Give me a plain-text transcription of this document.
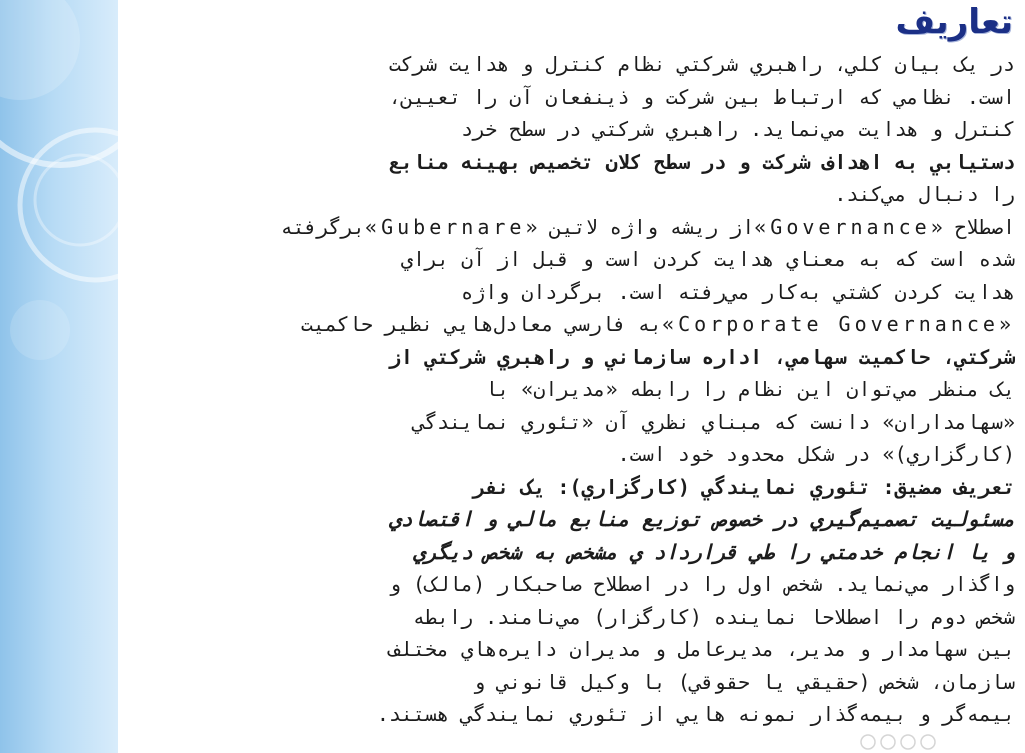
تعاريف
در يک بيان کلي، راهبري شرکتي نظام کنترل و هدايت شرکت
است. نظامي که ارتباط بين شرکت و ذينفعان آن را تعيين،
کنترل و هدايت مي‌نمايد. راهبري شرکتي در سطح خرد
دستيابي به اهداف شرکت و در سطح کلان تخصيص بهينه منابع
را دنبال مي‌کند.
اصطلاح «Governance»از ريشه واژه لاتين «Gubernare»برگرفته
شده است که به معناي هدايت کردن است و قبل از آن براي
هدايت کردن کشتي به‌کار مي‌رفته است. برگردان واژه
«Corporate Governance»به فارسي معادل‌هايي نظير حاکميت
شرکتي، حاکميت سهامي، اداره سازماني و راهبري شرکتي از
يک منظر مي‌توان اين نظام را رابطه «مديران» با
«سهامداران» دانست که مبناي نظري آن «تئوري نمايندگي
(کارگزاري)» در شکل محدود خود است.
تعريف مضيق: تئوري نمايندگي (کارگزاري): يک نفر
مسئوليت تصميم‌گيري در خصوص توزيع منابع مالي و اقتصادي
و يا انجام خدمتي را طي قرارداد ي مشخص به شخص ديگري
واگذار مي‌نمايد. شخص اول را در اصطلاح صاحبکار (مالک) و
شخص دوم را اصطلاحا نماينده (کارگزار) مي‌نامند. رابطه
بين سهامدار و مدير، مديرعامل و مديران دايره‌هاي مختلف
سازمان، شخص (حقيقي يا حقوقي) با وکيل قانوني و
بيمه‌گر و بيمه‌گذار نمونه هايي از تئوري نمايندگي هستند.
